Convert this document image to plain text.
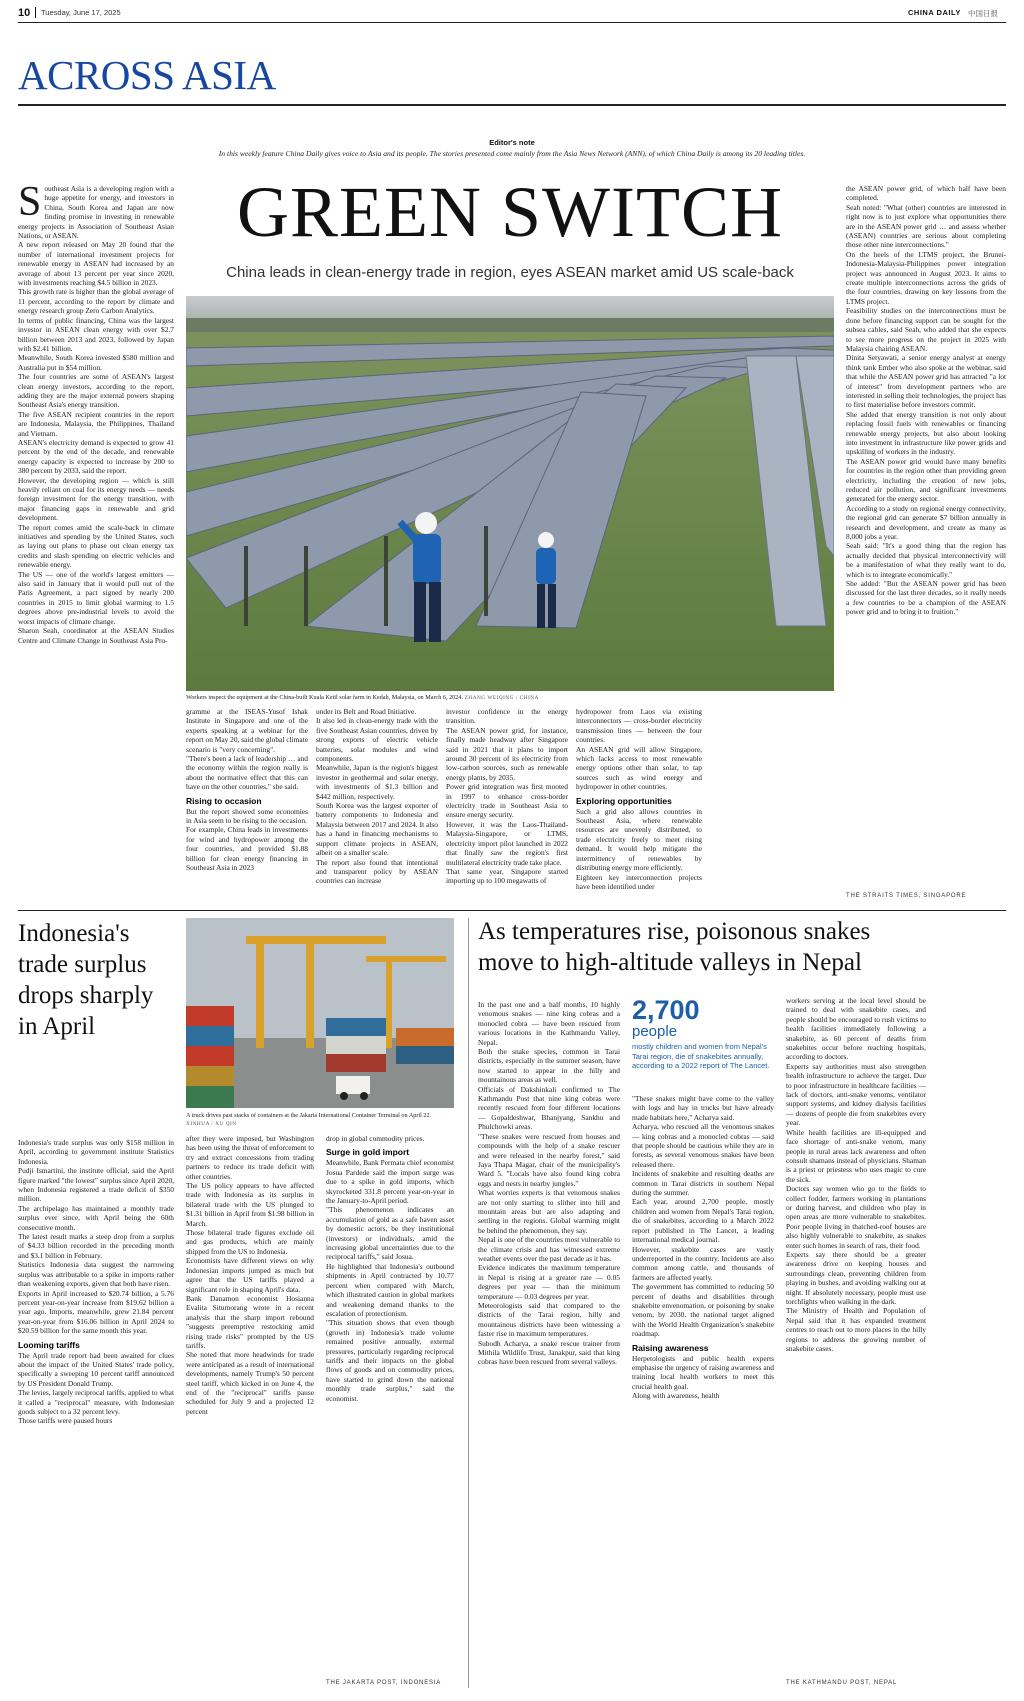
10 Tuesday, June 17, 2025	CHINA DAILY 中国日报
ACROSS ASIA
Editor's note
In this weekly feature China Daily gives voice to Asia and its people. The stories presented come mainly from the Asia News Network (ANN), of which China Daily is among its 20 leading titles.
GREEN SWITCH
China leads in clean-energy trade in region, eyes ASEAN market amid US scale-back
Workers inspect the equipment at the China-built Kuala Ketil solar farm in Kedah, Malaysia, on March 6, 2024. ZHANG WEIQING / CHINA
S outheast Asia is a developing region with a huge appetite for energy, and investors in China, South Korea and Japan are now finding promise in investing in renewable energy projects in Association of Southeast Asian Nations, or ASEAN.

A new report released on May 20 found that the number of international investment projects for renewable energy in ASEAN had increased by an average of about 13 percent per year since 2020, with investments reaching $4.5 billion in 2023.

This growth rate is higher than the global average of 11 percent, according to the report by climate and energy research group Zero Carbon Analytics.

In terms of public financing, China was the largest investor in ASEAN clean energy with over $2.7 billion between 2013 and 2023, followed by Japan with $2.41 billion.

Meanwhile, South Korea invested $580 million and Australia put in $54 million.

The four countries are some of ASEAN's largest clean energy investors, according to the report, adding they are the major external powers shaping Southeast Asia's energy transition.

The five ASEAN recipient countries in the report are Indonesia, Malaysia, the Philippines, Thailand and Vietnam.

ASEAN's electricity demand is expected to grow 41 percent by the end of the decade, and renewable energy capacity is expected to increase by 200 to 380 percent by 2033, said the report.

However, the developing region — which is still heavily reliant on coal for its energy needs — needs foreign investment for the energy transition, with major financing gaps in renewable and grid development.

The report comes amid the scale-back in climate initiatives and spending by the United States, such as laying out plans to phase out clean energy tax credits and slash spending on electric vehicles and renewable energy.

The US — one of the world's largest emitters — also said in January that it would pull out of the Paris Agreement, a pact signed by nearly 200 countries in 2015 to limit global warming to 1.5 degrees above pre-industrial levels to avoid the worst impacts of climate change.

Sharon Seah, coordinator at the ASEAN Studies Centre and Climate Change in Southeast Asia Pro-

gramme at the ISEAS-Yusof Ishak Institute in Singapore and one of the experts speaking at a webinar for the report on May 20, said the global climate scenario is "very concerning".

"There's been a lack of leadership … and the economy within the region really is about the normative effect that this can have on the other countries," she said.

Rising to occasion

But the report showed some economies in Asia seem to be rising to the occasion.

For example, China leads in investments for wind and hydropower among the four countries, and provided $1.88 billion for clean energy financing in Southeast Asia in 2023

under its Belt and Road Initiative.

It also led in clean-energy trade with the five Southeast Asian countries, driven by strong exports of electric vehicle batteries, solar modules and wind components.

Meanwhile, Japan is the region's biggest investor in geothermal and solar energy, with investments of $1.3 billion and $442 million, respectively.

South Korea was the largest exporter of battery components to Indonesia and Malaysia between 2017 and 2024. It also has a hand in financing mechanisms to support climate projects in ASEAN, albeit on a smaller scale.

The report also found that intentional and transparent policy by ASEAN countries can increase

investor confidence in the energy transition.

The ASEAN power grid, for instance, finally made headway after Singapore said in 2021 that it plans to import around 30 percent of its electricity from low-carbon sources, such as renewable energy plants, by 2035.

Power grid integration was first mooted in 1997 to enhance cross-border electricity trade in Southeast Asia to ensure energy security.

However, it was the Laos-Thailand-Malaysia-Singapore, or LTMS, electricity import pilot launched in 2022 that finally saw the region's first multilateral electricity trade take place.

That same year, Singapore started importing up to 100 megawatts of

hydropower from Laos via existing interconnectors — cross-border electricity transmission lines — between the four countries.

An ASEAN grid will allow Singapore, which lacks access to most renewable energy options other than solar, to tap sources such as wind energy and hydropower in other countries.

Exploring opportunities

Such a grid also allows countries in Southeast Asia, where renewable resources are unevenly distributed, to trade electricity freely to meet rising demand. It would help mitigate the intermittency of renewables by distributing energy more efficiently.

Eighteen key interconnection projects have been identified under

the ASEAN power grid, of which half have been completed.

Seah noted: "What (other) countries are interested in right now is to just explore what opportunities there are in the ASEAN power grid … and assess whether (ASEAN) countries are serious about completing those other nine interconnections."

On the heels of the LTMS project, the Brunei-Indonesia-Malaysia-Philippines power integration project was announced in August 2023. It aims to create multiple interconnections across the grids of the four countries, drawing on key lessons from the LTMS project.

Feasibility studies on the interconnections must be done before financing support can be sought for the subsea cables, said Seah, who added that she expects to see more progress on the project in 2025 with Malaysia chairing ASEAN.

Dinita Setyawati, a senior energy analyst at energy think tank Ember who also spoke at the webinar, said that while the ASEAN power grid has attracted "a lot of interest" from development partners who are interested in selling their technologies, the project has to first materialise before investors commit.

She added that energy transition is not only about replacing fossil fuels with renewables or financing renewable energy projects, but also about looking into investment in infrastructure like power grids and upskilling of workers in the industry.

The ASEAN power grid would have many benefits for countries in the region other than providing green electricity, including the creation of new jobs, reduced air pollution, and significant investments generated for the energy sector.

According to a study on regional energy connectivity, the regional grid can generate $7 billion annually in research and development, and create as many as 8,000 jobs a year.

Seah said: "It's a good thing that the region has actually decided that physical interconnectivity will be a manifestation of what they really want to do, which is to integrate economically."

She added: "But the ASEAN power grid has been discussed for the last three decades, so it really needs a few countries to be a champion of the ASEAN power grid and to bring it to fruition."

THE STRAITS TIMES, SINGAPORE
Indonesia's trade surplus drops sharply in April
A truck drives past stacks of containers at the Jakarta International Container Terminal on April 22. XINHUA / XU QIN

Indonesia's trade surplus was only $158 million in April, according to government institute Statistics Indonesia.

Pudji Ismartini, the institute official, said the April figure marked "the lowest" surplus since April 2020, when Indonesia registered a trade deficit of $350 million.

The archipelago has maintained a monthly trade surplus ever since, with April being the 60th consecutive month.

The latest result marks a steep drop from a surplus of $4.33 billion recorded in the preceding month and $3.1 billion in February.

Statistics Indonesia data suggest the narrowing surplus was attributable to a spike in imports rather than weakening exports, given that both have risen.

Exports in April increased to $20.74 billion, a 5.76 percent year-on-year increase from $19.62 billion a year ago. Imports, meanwhile, grew 21.84 percent year-on-year from $16.06 billion in April 2024 to $20.59 billion for the same month this year.

Looming tariffs

The April trade report had been awaited for clues about the impact of the United States' trade policy, specifically a sweeping 10 percent tariff announced by US President Donald Trump.

The levies, largely reciprocal tariffs, applied to what it called a "reciprocal" measure, with Indonesian goods subject to a 32 percent levy.

Those tariffs were paused hours

after they were imposed, but Washington has been using the threat of enforcement to try and extract concessions from trading partners to reduce its trade deficit with other countries.

The US policy appears to have affected trade with Indonesia as its surplus in bilateral trade with the US plunged to $1.31 billion in April from $1.98 billion in March.

Those bilateral trade figures exclude oil and gas products, which are mainly shipped from the US to Indonesia.

Economists have different views on why Indonesian imports jumped as much but agree that the US tariffs played a significant role in shaping April's data.

Bank Danamon economist Hosianna Evalita Situmorang wrote in a recent analysis that the sharp import rebound "suggests preemptive restocking amid rising trade risks" prompted by the US tariffs.

She noted that more headwinds for trade were anticipated as a result of international developments, namely Trump's 50 percent steel tariff, which kicked in on June 4, the end of the "reciprocal" tariffs pause scheduled for July 9 and a projected 12 percent

drop in global commodity prices.

Surge in gold import

Meanwhile, Bank Permata chief economist Josua Pardede said the import surge was due to a spike in gold imports, which skyrocketed 331.8 percent year-on-year in the January-to-April period.

"This phenomenon indicates an accumulation of gold as a safe haven asset by domestic actors, be they institutional (investors) or individuals, amid the increasing global uncertainties due to the reciprocal tariffs," said Josua.

He highlighted that Indonesia's outbound shipments in April contracted by 10.77 percent when compared with March, which illustrated caution in global markets and weakening demand thanks to the escalation of protectionism.

"This situation shows that even though (growth in) Indonesia's trade volume remained positive annually, external pressures, particularly regarding reciprocal tariffs and their impacts on the global flows of goods and on commodity prices, have started to grind down the national monthly trade surplus," said the economist.

THE JAKARTA POST, INDONESIA
As temperatures rise, poisonous snakes move to high-altitude valleys in Nepal

In the past one and a half months, 10 highly venomous snakes — nine king cobras and a monocled cobra — have been rescued from various locations in the Kathmandu Valley, Nepal.

Both the snake species, common in Tarai districts, especially in the summer season, have now started to appear in the hilly and mountainous areas as well.

Officials of Dakshinkali confirmed to The Kathmandu Post that nine king cobras were recently rescued from four different locations — Gopaldeshwar, Bhanjyang, Sankhu and Phulchowki areas.

"These snakes were rescued from houses and compounds with the help of a snake rescuer and were released in the nearby forest," said Jaya Thapa Magar, chair of the municipality's Ward 5. "Locals have also found king cobra eggs and nests in nearby jungles."

What worries experts is that venomous snakes are not only starting to slither into hill and mountain areas but are also adapting and settling in the regions. Global warming might be behind the phenomenon, they say.

Nepal is one of the countries most vulnerable to the climate crisis and has witnessed extreme weather events over the past decade as it has.

Evidence indicates the maximum temperature in Nepal is rising at a greater rate — 0.05 degrees per year — than the minimum temperature — 0.03 degrees per year.

Meteorologists said that compared to the districts of the Tarai region, hilly and mountainous districts have been witnessing a faster rise in maximum temperatures.

Subodh Acharya, a snake rescue trainer from Mithila Wildlife Trust, Janakpur, said that king cobras have been rescued from several valleys.

2,700
people
mostly children and women from Nepal's Tarai region, die of snakebites annually, according to a 2022 report of The Lancet.

"These snakes might have come to the valley with logs and hay in trucks but have already made habitats here," Acharya said.

Acharya, who rescued all the venomous snakes — king cobras and a monocled cobras — said that people should be cautious while they are in forests, as several venomous snakes have been released there.

Incidents of snakebite and resulting deaths are common in Tarai districts in southern Nepal during the summer.

Each year, around 2,700 people, mostly children and women from Nepal's Tarai region, die of snakebites, according to a March 2022 report published in The Lancet, a leading international medical journal.

However, snakebite cases are vastly underreported in the country. Incidents are also common among cattle, and thousands of farmers are affected yearly.

The government has committed to reducing 50 percent of deaths and disabilities through snakebite envenomation, or poisoning by snake venom, by 2030, the national target aligned with the World Health Organization's snakebite roadmap.

Raising awareness

Herpetologists and public health experts emphasise the urgency of raising awareness and training local health workers to meet this crucial health goal.

Along with awareness, health

workers serving at the local level should be trained to deal with snakebite cases, and people should be encouraged to rush victims to health facilities immediately following a snakebite, as 60 percent of deaths from snakebites occur before reaching hospitals, according to doctors.

Experts say authorities must also strengthen health infrastructure to achieve the target. Due to poor infrastructure in healthcare facilities — lack of doctors, anti-snake venoms, ventilator support systems, and kidney dialysis facilities — dozens of people die from snakebites every year.

While health facilities are ill-equipped and face shortage of anti-snake venom, many people in rural areas lack awareness and often consult shamans instead of physicians. Shaman is a priest or priestess who uses magic to cure the sick.

Doctors say women who go to the fields to collect fodder, farmers working in plantations or during harvest, and children who play in open areas are more vulnerable to snakebites. Poor people living in thatched-roof houses are also highly vulnerable to snakebite, as snakes enter such homes in search of rats, their food.

Experts say there should be a greater awareness drive on keeping houses and surroundings clean, preventing children from playing in bushes, and avoiding walking out at night. If absolutely necessary, people must use torchlights when walking in the dark.

The Ministry of Health and Population of Nepal said that it has expanded treatment centres to reach out to more places in the hilly regions to address the growing number of snakebite cases.

THE KATHMANDU POST, NEPAL
